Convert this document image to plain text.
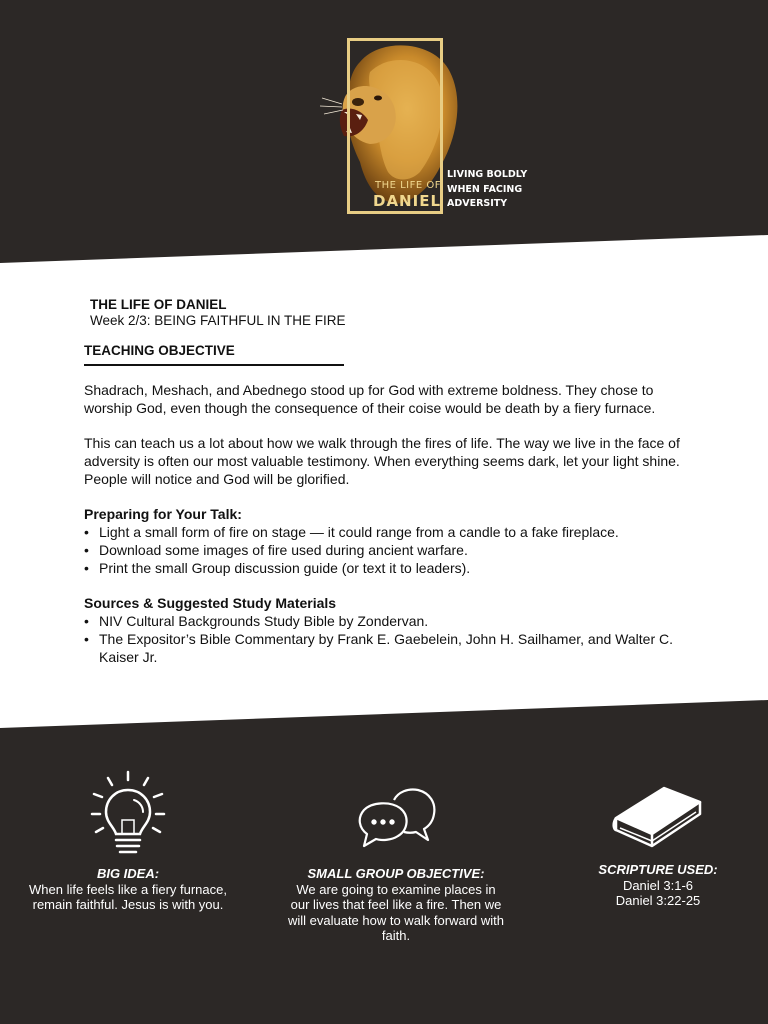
THE LIFE OF
DANIEL
LIVING BOLDLY
WHEN FACING
ADVERSITY
THE LIFE OF DANIEL
Week 2/3: BEING FAITHFUL IN THE FIRE
TEACHING OBJECTIVE

Shadrach, Meshach, and Abednego stood up for God with extreme boldness. They chose to worship God, even though the consequence of their coise would be death by a fiery furnace.

This can teach us a lot about how we walk through the fires of life. The way we live in the face of adversity is often our most valuable testimony. When everything seems dark, let your light shine. People will notice and God will be glorified.

Preparing for Your Talk:
• Light a small form of fire on stage — it could range from a candle to a fake fireplace.
• Download some images of fire used during ancient warfare.
• Print the small Group discussion guide (or text it to leaders).
Sources & Suggested Study Materials
• NIV Cultural Backgrounds Study Bible by Zondervan.
• The Expositor’s Bible Commentary by Frank E. Gaebelein, John H. Sailhamer, and Walter C. Kaiser Jr.
BIG IDEA:
When life feels like a fiery furnace, remain faithful. Jesus is with you.
SMALL GROUP OBJECTIVE:
We are going to examine places in our lives that feel like a fire. Then we will evaluate how to walk forward with faith.
SCRIPTURE USED:
Daniel 3:1-6
Daniel 3:22-25
